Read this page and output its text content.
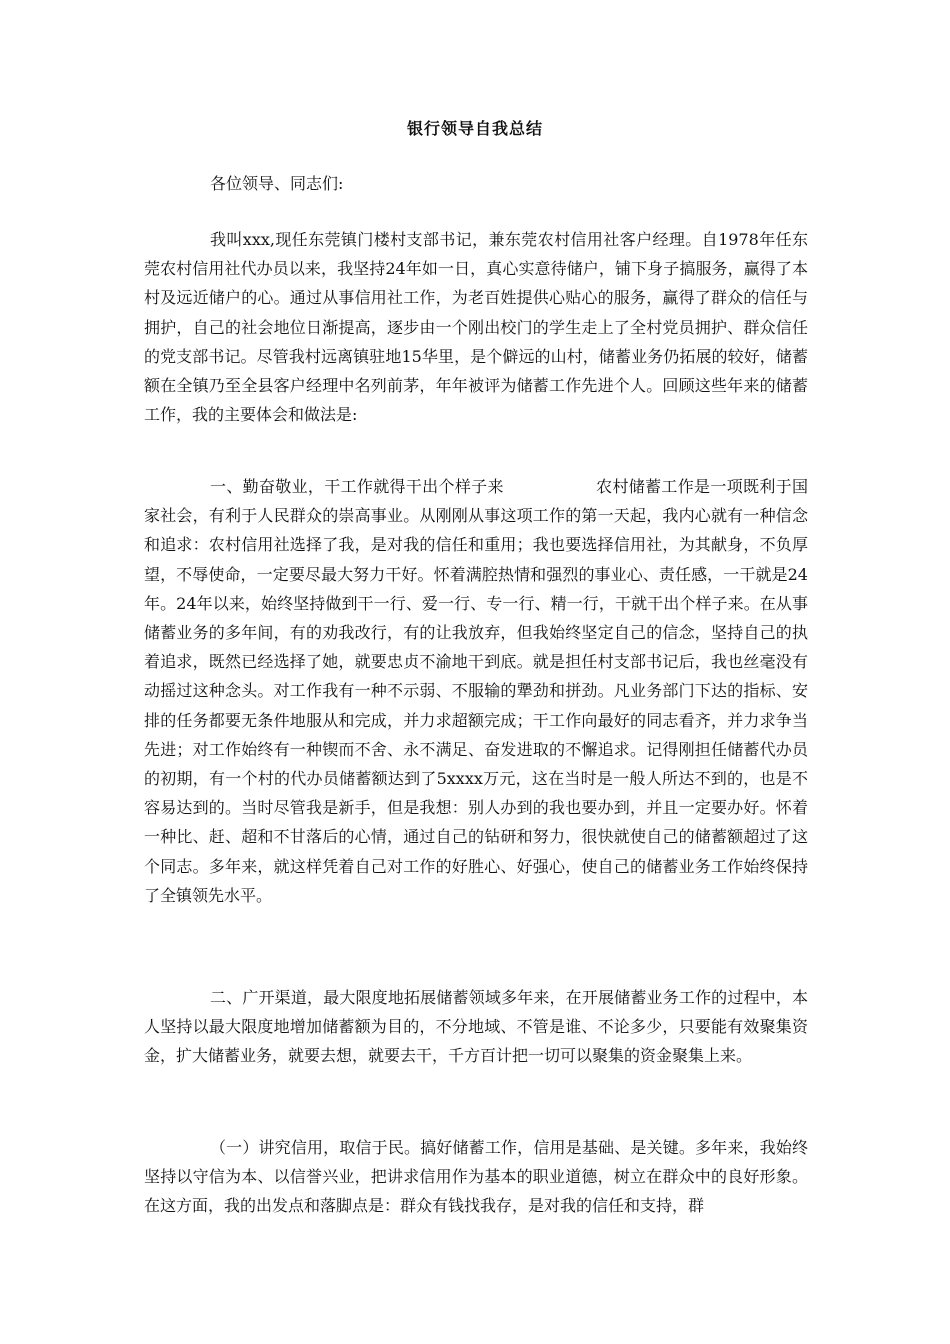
银行领导自我总结
各位领导、同志们:

我叫xxx,现任东莞镇门楼村支部书记，兼东莞农村信用社客户经理。自1978年任东莞农村信用社代办员以来，我坚持24年如一日，真心实意待储户，铺下身子搞服务，赢得了本村及远近储户的心。通过从事信用社工作，为老百姓提供心贴心的服务，赢得了群众的信任与拥护，自己的社会地位日渐提高，逐步由一个刚出校门的学生走上了全村党员拥护、群众信任的党支部书记。尽管我村远离镇驻地15华里，是个僻远的山村，储蓄业务仍拓展的较好，储蓄额在全镇乃至全县客户经理中名列前茅，年年被评为储蓄工作先进个人。回顾这些年来的储蓄工作，我的主要体会和做法是:

一、勤奋敬业，干工作就得干出个样子来	农村储蓄工作是一项既利于国家社会，有利于人民群众的崇高事业。从刚刚从事这项工作的第一天起，我内心就有一种信念和追求：农村信用社选择了我，是对我的信任和重用；我也要选择信用社，为其献身，不负厚望，不辱使命，一定要尽最大努力干好。怀着满腔热情和强烈的事业心、责任感，一干就是24年。24年以来，始终坚持做到干一行、爱一行、专一行、精一行，干就干出个样子来。在从事储蓄业务的多年间，有的劝我改行，有的让我放弃，但我始终坚定自己的信念，坚持自己的执着追求，既然已经选择了她，就要忠贞不渝地干到底。就是担任村支部书记后，我也丝毫没有动摇过这种念头。对工作我有一种不示弱、不服输的犟劲和拼劲。凡业务部门下达的指标、安排的任务都要无条件地服从和完成，并力求超额完成；干工作向最好的同志看齐，并力求争当先进；对工作始终有一种锲而不舍、永不满足、奋发进取的不懈追求。记得刚担任储蓄代办员的初期，有一个村的代办员储蓄额达到了5xxxx万元，这在当时是一般人所达不到的，也是不容易达到的。当时尽管我是新手，但是我想：别人办到的我也要办到，并且一定要办好。怀着一种比、赶、超和不甘落后的心情，通过自己的钻研和努力，很快就使自己的储蓄额超过了这个同志。多年来，就这样凭着自己对工作的好胜心、好强心，使自己的储蓄业务工作始终保持了全镇领先水平。

二、广开渠道，最大限度地拓展储蓄领域多年来，在开展储蓄业务工作的过程中，本人坚持以最大限度地增加储蓄额为目的，不分地域、不管是谁、不论多少，只要能有效聚集资金，扩大储蓄业务，就要去想，就要去干，千方百计把一切可以聚集的资金聚集上来。

（一）讲究信用，取信于民。搞好储蓄工作，信用是基础、是关键。多年来，我始终坚持以守信为本、以信誉兴业，把讲求信用作为基本的职业道德，树立在群众中的良好形象。在这方面，我的出发点和落脚点是：群众有钱找我存，是对我的信任和支持，群
